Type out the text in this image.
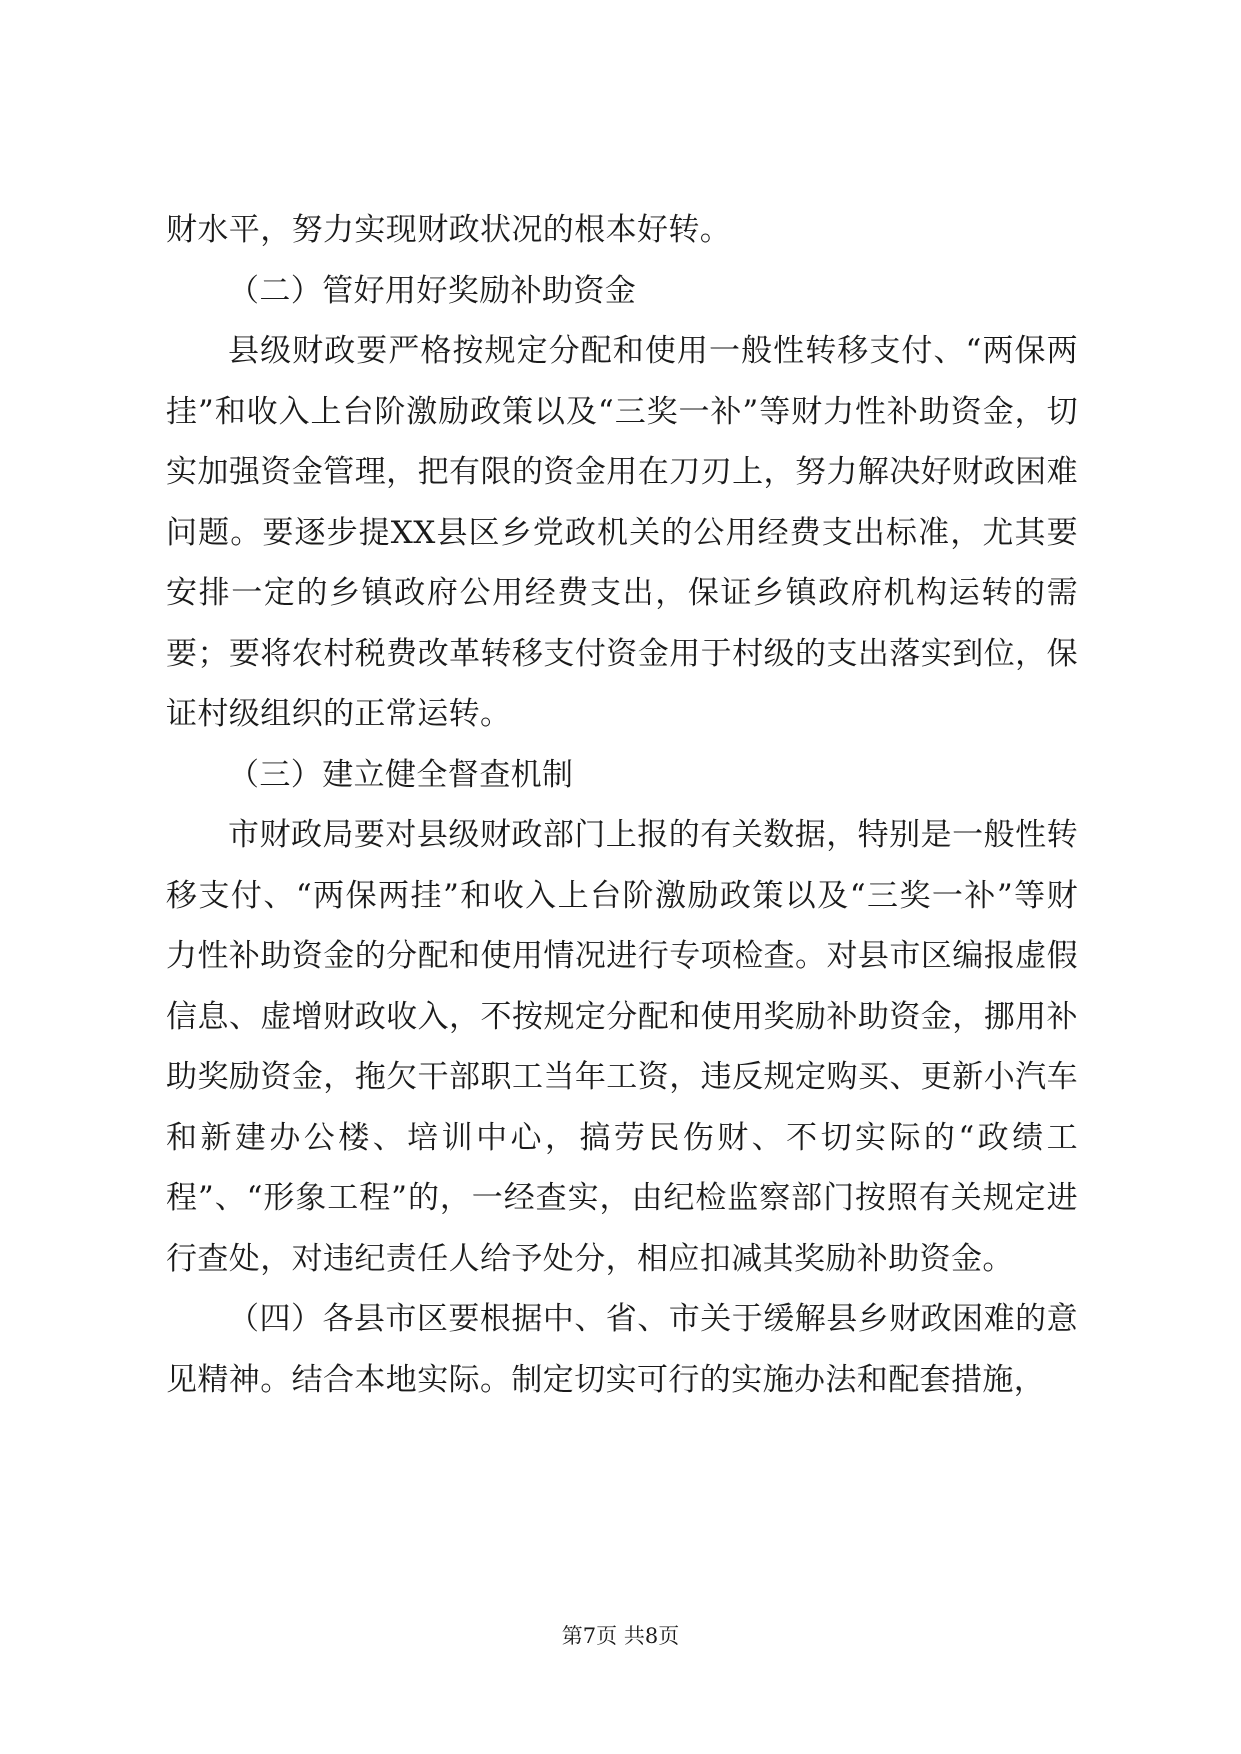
财水平，努力实现财政状况的根本好转。

（二）管好用好奖励补助资金

县级财政要严格按规定分配和使用一般性转移支付、“两保两挂”和收入上台阶激励政策以及“三奖一补”等财力性补助资金，切实加强资金管理，把有限的资金用在刀刃上，努力解决好财政困难问题。要逐步提XX县区乡党政机关的公用经费支出标准，尤其要安排一定的乡镇政府公用经费支出，保证乡镇政府机构运转的需要；要将农村税费改革转移支付资金用于村级的支出落实到位，保证村级组织的正常运转。

（三）建立健全督查机制

市财政局要对县级财政部门上报的有关数据，特别是一般性转移支付、“两保两挂”和收入上台阶激励政策以及“三奖一补”等财力性补助资金的分配和使用情况进行专项检查。对县市区编报虚假信息、虚增财政收入，不按规定分配和使用奖励补助资金，挪用补助奖励资金，拖欠干部职工当年工资，违反规定购买、更新小汽车和新建办公楼、培训中心，搞劳民伤财、不切实际的“政绩工程”、“形象工程”的，一经查实，由纪检监察部门按照有关规定进行查处，对违纪责任人给予处分，相应扣减其奖励补助资金。

（四）各县市区要根据中、省、市关于缓解县乡财政困难的意见精神。结合本地实际。制定切实可行的实施办法和配套措施，

第7页 共8页
